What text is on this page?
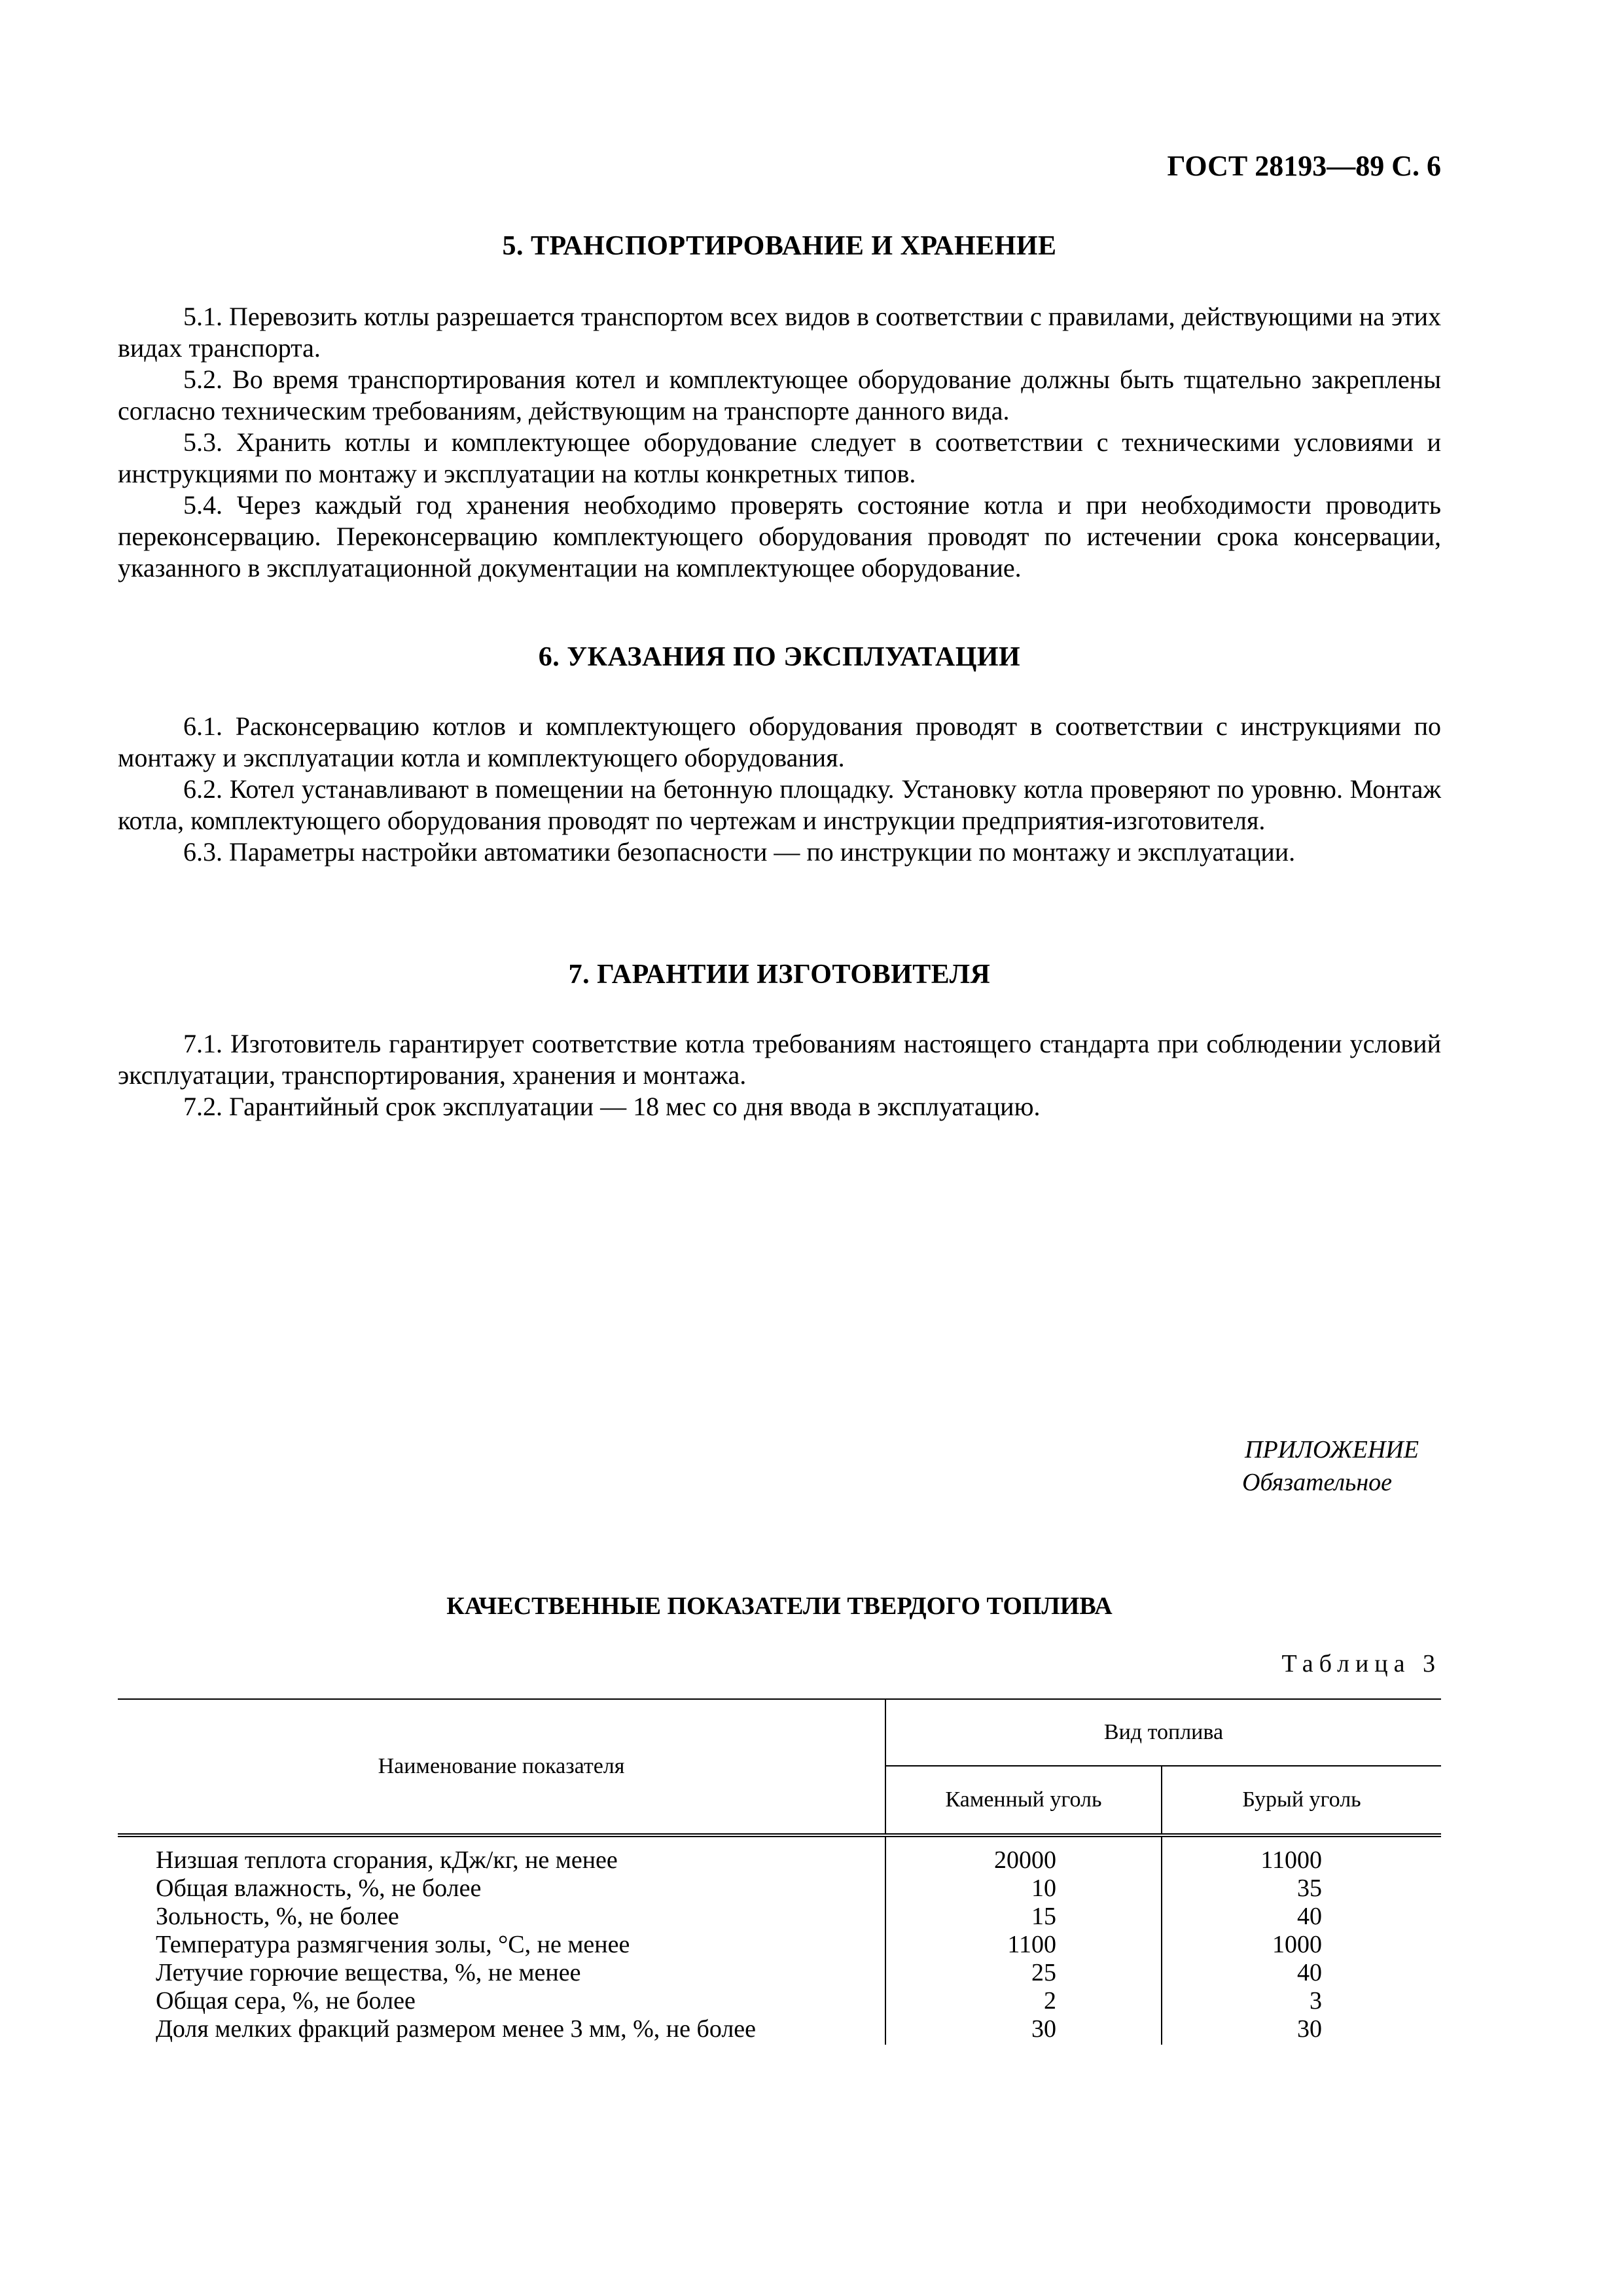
ГОСТ 28193—89 С. 6
5. ТРАНСПОРТИРОВАНИЕ И ХРАНЕНИЕ

5.1. Перевозить котлы разрешается транспортом всех видов в соответствии с правилами, действующими на этих видах транспорта.

5.2. Во время транспортирования котел и комплектующее оборудование должны быть тщательно закреплены согласно техническим требованиям, действующим на транспорте данного вида.

5.3. Хранить котлы и комплектующее оборудование следует в соответствии с техническими условиями и инструкциями по монтажу и эксплуатации на котлы конкретных типов.

5.4. Через каждый год хранения необходимо проверять состояние котла и при необходимости проводить переконсервацию. Переконсервацию комплектующего оборудования проводят по истечении срока консервации, указанного в эксплуатационной документации на комплектующее оборудование.

6. УКАЗАНИЯ ПО ЭКСПЛУАТАЦИИ

6.1. Расконсервацию котлов и комплектующего оборудования проводят в соответствии с инструкциями по монтажу и эксплуатации котла и комплектующего оборудования.

6.2. Котел устанавливают в помещении на бетонную площадку. Установку котла проверяют по уровню. Монтаж котла, комплектующего оборудования проводят по чертежам и инструкции предприятия-изготовителя.

6.3. Параметры настройки автоматики безопасности — по инструкции по монтажу и эксплуатации.

7. ГАРАНТИИ ИЗГОТОВИТЕЛЯ

7.1. Изготовитель гарантирует соответствие котла требованиям настоящего стандарта при соблюдении условий эксплуатации, транспортирования, хранения и монтажа.

7.2. Гарантийный срок эксплуатации — 18 мес со дня ввода в эксплуатацию.

ПРИЛОЖЕНИЕ
Обязательное
КАЧЕСТВЕННЫЕ ПОКАЗАТЕЛИ ТВЕРДОГО ТОПЛИВА
Таблица 3
Наименование показателя	Вид топлива	
	Каменный уголь	Бурый уголь
Низшая теплота сгорания, кДж/кг, не менее	20000	11000
Общая влажность, %, не более	10	35
Зольность, %, не более	15	40
Температура размягчения золы, °С, не менее	1100	1000
Летучие горючие вещества, %, не менее	25	40
Общая сера, %, не более	2	3
Доля мелких фракций размером менее 3 мм, %, не более	30	30
